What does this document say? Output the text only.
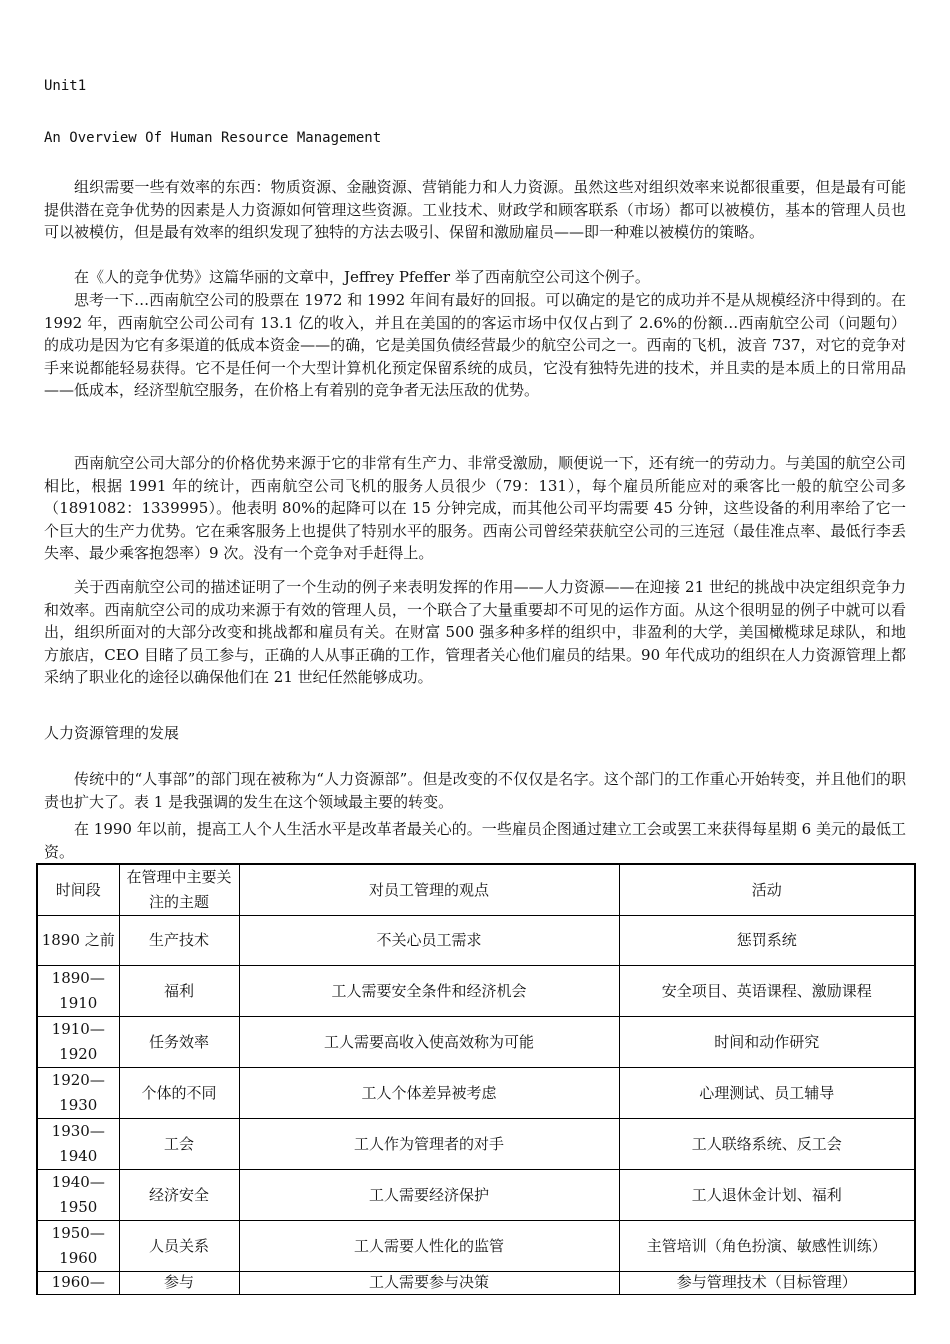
Unit1
An Overview Of Human Resource Management

组织需要一些有效率的东西：物质资源、金融资源、营销能力和人力资源。虽然这些对组织效率来说都很重要，但是最有可能提供潜在竞争优势的因素是人力资源如何管理这些资源。工业技术、财政学和顾客联系（市场）都可以被模仿，基本的管理人员也可以被模仿，但是最有效率的组织发现了独特的方法去吸引、保留和激励雇员——即一种难以被模仿的策略。

在《人的竞争优势》这篇华丽的文章中，Jeffrey Pfeffer 举了西南航空公司这个例子。

思考一下…西南航空公司的股票在 1972 和 1992 年间有最好的回报。可以确定的是它的成功并不是从规模经济中得到的。在 1992 年，西南航空公司公司有 13.1 亿的收入，并且在美国的的客运市场中仅仅占到了 2.6%的份额…西南航空公司（问题句）的成功是因为它有多渠道的低成本资金——的确，它是美国负债经营最少的航空公司之一。西南的飞机，波音 737，对它的竞争对手来说都能轻易获得。它不是任何一个大型计算机化预定保留系统的成员，它没有独特先进的技术，并且卖的是本质上的日常用品——低成本，经济型航空服务，在价格上有着别的竞争者无法压敌的优势。

西南航空公司大部分的价格优势来源于它的非常有生产力、非常受激励，顺便说一下，还有统一的劳动力。与美国的航空公司相比，根据 1991 年的统计，西南航空公司飞机的服务人员很少（79：131），每个雇员所能应对的乘客比一般的航空公司多（1891082：1339995）。他表明 80%的起降可以在 15 分钟完成，而其他公司平均需要 45 分钟，这些设备的利用率给了它一个巨大的生产力优势。它在乘客服务上也提供了特别水平的服务。西南公司曾经荣获航空公司的三连冠（最佳准点率、最低行李丢失率、最少乘客抱怨率）9 次。没有一个竞争对手赶得上。

关于西南航空公司的描述证明了一个生动的例子来表明发挥的作用——人力资源——在迎接 21 世纪的挑战中决定组织竞争力和效率。西南航空公司的成功来源于有效的管理人员，一个联合了大量重要却不可见的运作方面。从这个很明显的例子中就可以看出，组织所面对的大部分改变和挑战都和雇员有关。在财富 500 强多种多样的组织中，非盈利的大学，美国橄榄球足球队，和地方旅店，CEO 目睹了员工参与，正确的人从事正确的工作，管理者关心他们雇员的结果。90 年代成功的组织在人力资源管理上都采纳了职业化的途径以确保他们在 21 世纪任然能够成功。

人力资源管理的发展

传统中的“人事部”的部门现在被称为“人力资源部”。但是改变的不仅仅是名字。这个部门的工作重心开始转变，并且他们的职责也扩大了。表 1 是我强调的发生在这个领域最主要的转变。

在 1990 年以前，提高工人个人生活水平是改革者最关心的。一些雇员企图通过建立工会或罢工来获得每星期 6 美元的最低工资。

时间段	在管理中主要关注的主题	对员工管理的观点	活动
1890 之前	生产技术	不关心员工需求	惩罚系统
1890—1910	福利	工人需要安全条件和经济机会	安全项目、英语课程、激励课程
1910—1920	任务效率	工人需要高收入使高效称为可能	时间和动作研究
1920—1930	个体的不同	工人个体差异被考虑	心理测试、员工辅导
1930—1940	工会	工人作为管理者的对手	工人联络系统、反工会
1940—1950	经济安全	工人需要经济保护	工人退休金计划、福利
1950—1960	人员关系	工人需要人性化的监管	主管培训（角色扮演、敏感性训练）
1960—	参与	工人需要参与决策	参与管理技术（目标管理）
